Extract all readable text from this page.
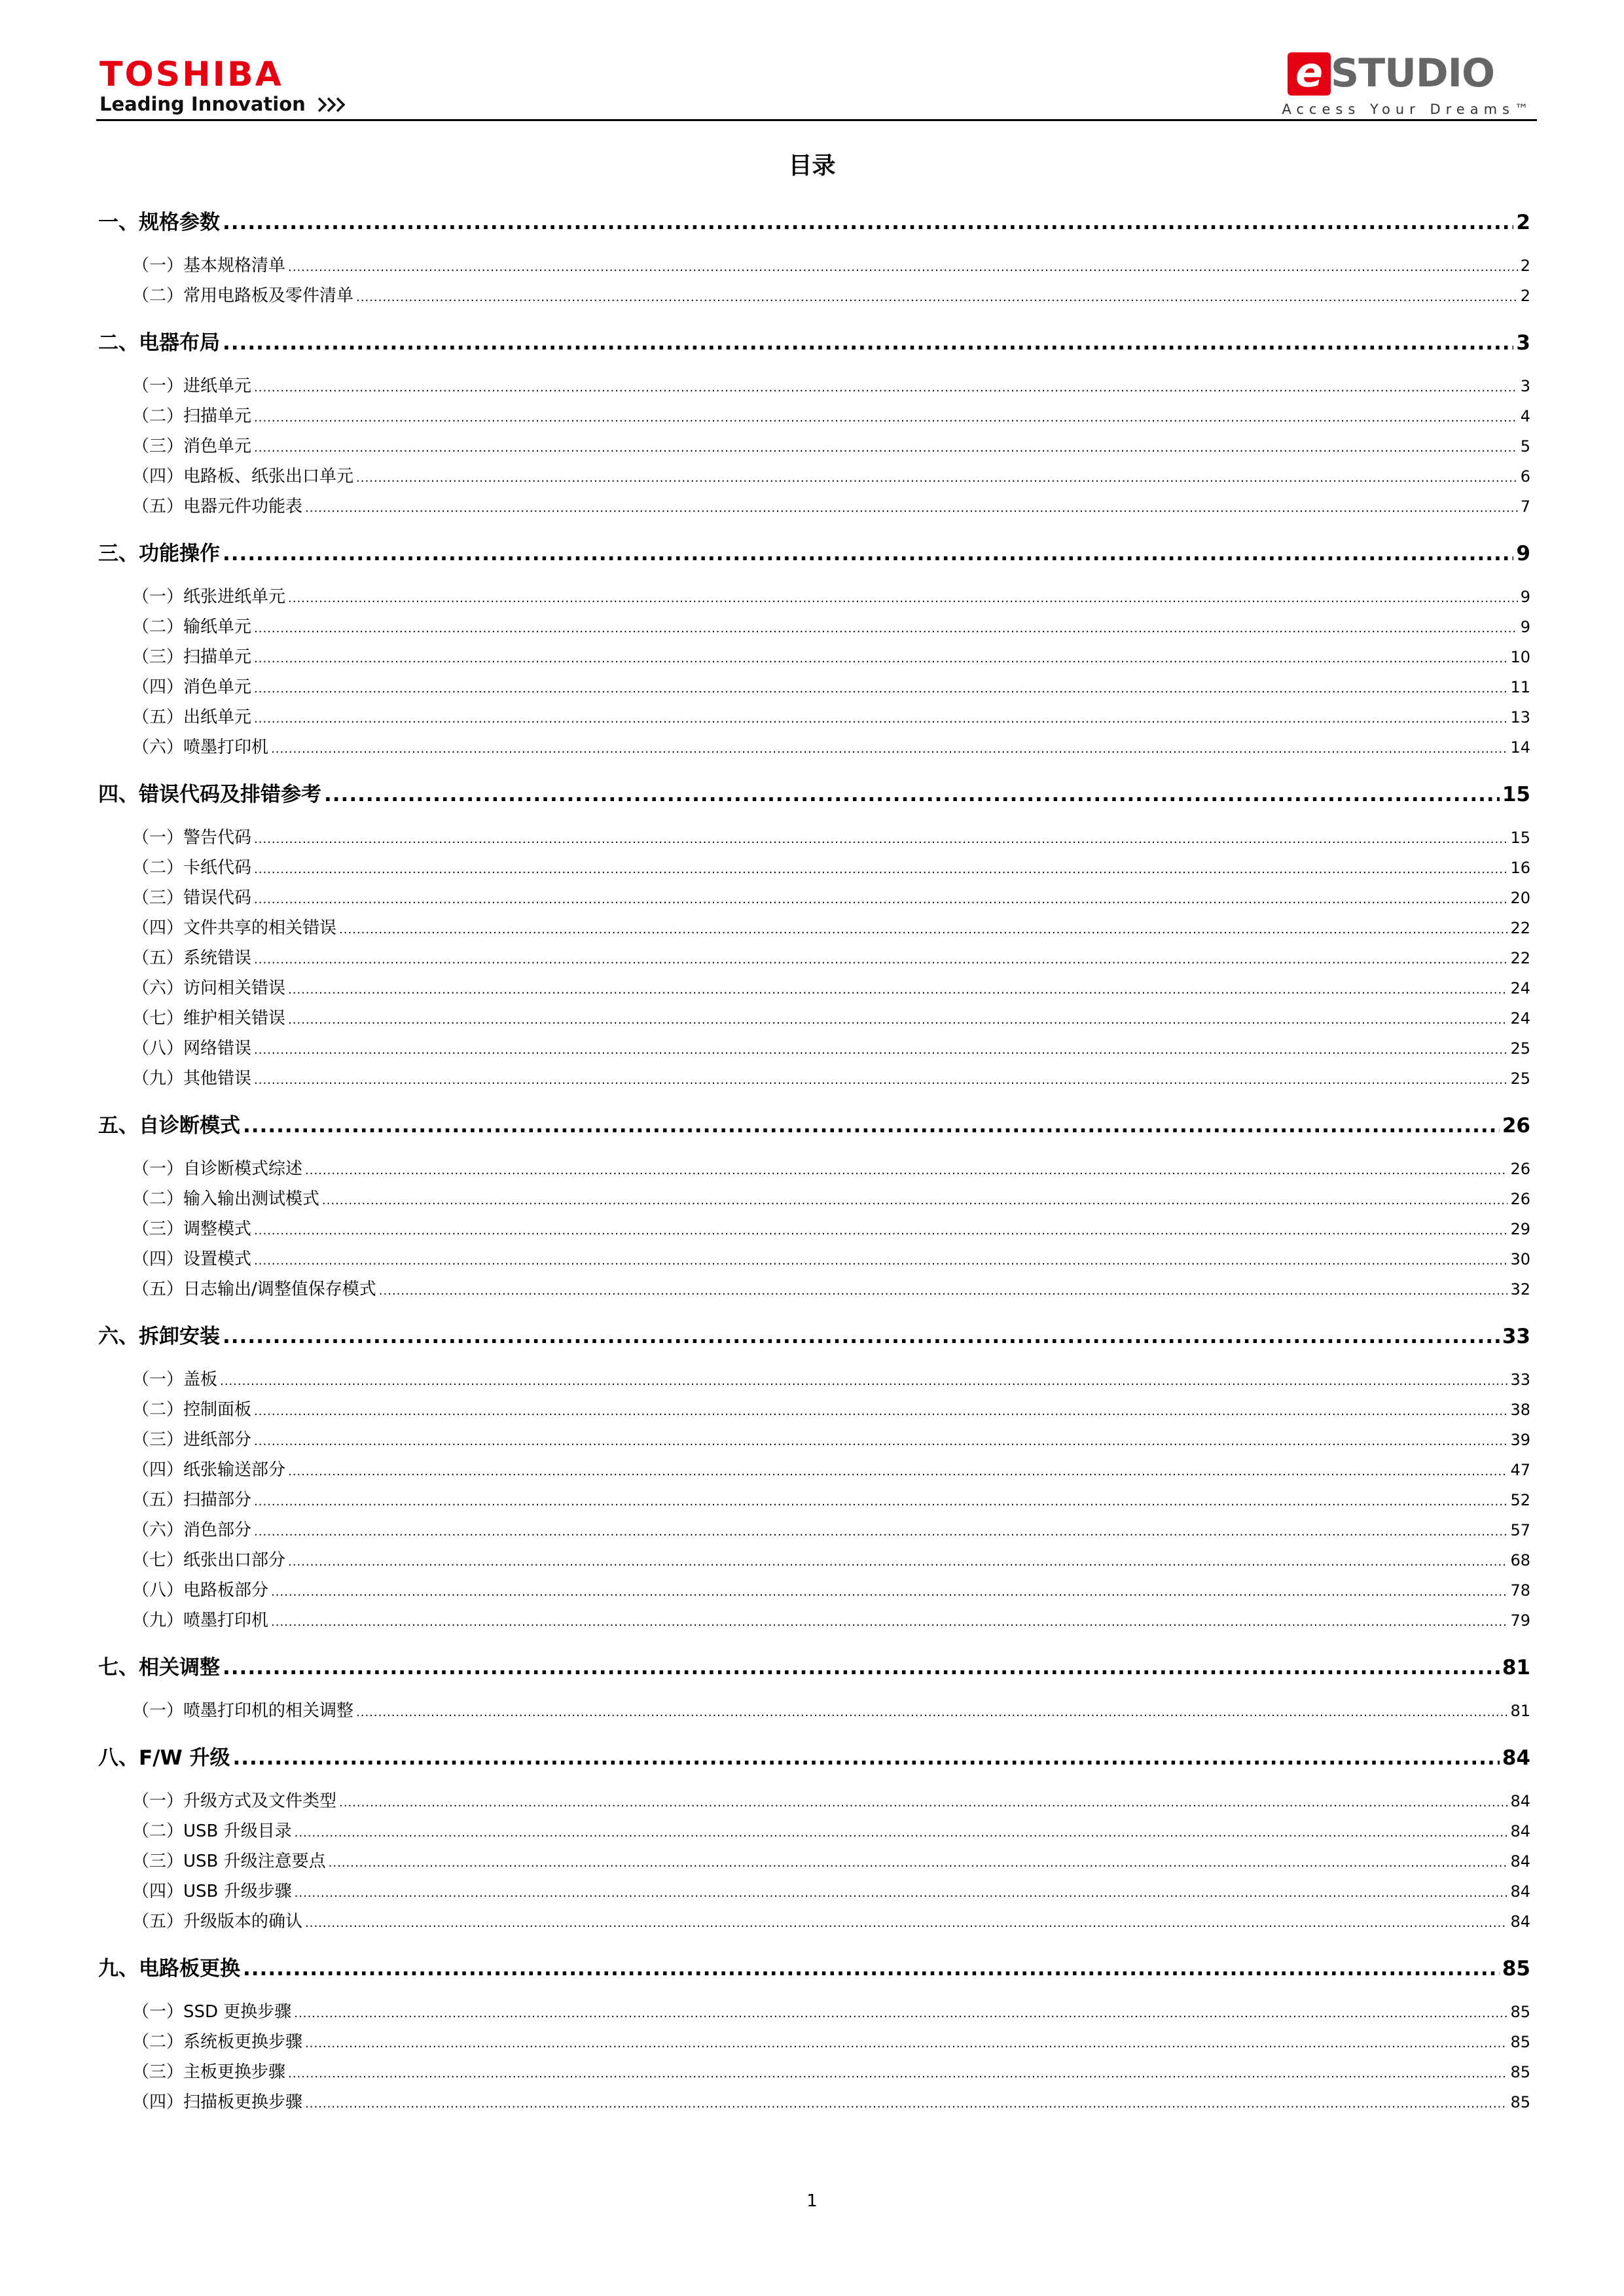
TOSHIBA
Leading Innovation
e STUDIO
Access Your Dreams™
目录
一、规格参数 .....	2
（一）基本规格清单 .....	2
（二）常用电路板及零件清单 .....	2
二、电器布局 .....	3
（一）进纸单元 .....	3
（二）扫描单元 .....	4
（三）消色单元 .....	5
（四）电路板、纸张出口单元 .....	6
（五）电器元件功能表 .....	7
三、功能操作 .....	9
（一）纸张进纸单元 .....	9
（二）输纸单元 .....	9
（三）扫描单元 .....	10
（四）消色单元 .....	11
（五）出纸单元 .....	13
（六）喷墨打印机 .....	14
四、错误代码及排错参考 .....	15
（一）警告代码 .....	15
（二）卡纸代码 .....	16
（三）错误代码 .....	20
（四）文件共享的相关错误 .....	22
（五）系统错误 .....	22
（六）访问相关错误 .....	24
（七）维护相关错误 .....	24
（八）网络错误 .....	25
（九）其他错误 .....	25
五、自诊断模式 .....	26
（一）自诊断模式综述 .....	26
（二）输入输出测试模式 .....	26
（三）调整模式 .....	29
（四）设置模式 .....	30
（五）日志输出/调整值保存模式 .....	32
六、拆卸安装 .....	33
（一）盖板 .....	33
（二）控制面板 .....	38
（三）进纸部分 .....	39
（四）纸张输送部分 .....	47
（五）扫描部分 .....	52
（六）消色部分 .....	57
（七）纸张出口部分 .....	68
（八）电路板部分 .....	78
（九）喷墨打印机 .....	79
七、相关调整 .....	81
（一）喷墨打印机的相关调整 .....	81
八、F/W 升级 .....	84
（一）升级方式及文件类型 .....	84
（二）USB 升级目录 .....	84
（三）USB 升级注意要点 .....	84
（四）USB 升级步骤 .....	84
（五）升级版本的确认 .....	84
九、电路板更换 .....	85
（一）SSD 更换步骤 .....	85
（二）系统板更换步骤 .....	85
（三）主板更换步骤 .....	85
（四）扫描板更换步骤 .....	85
1
